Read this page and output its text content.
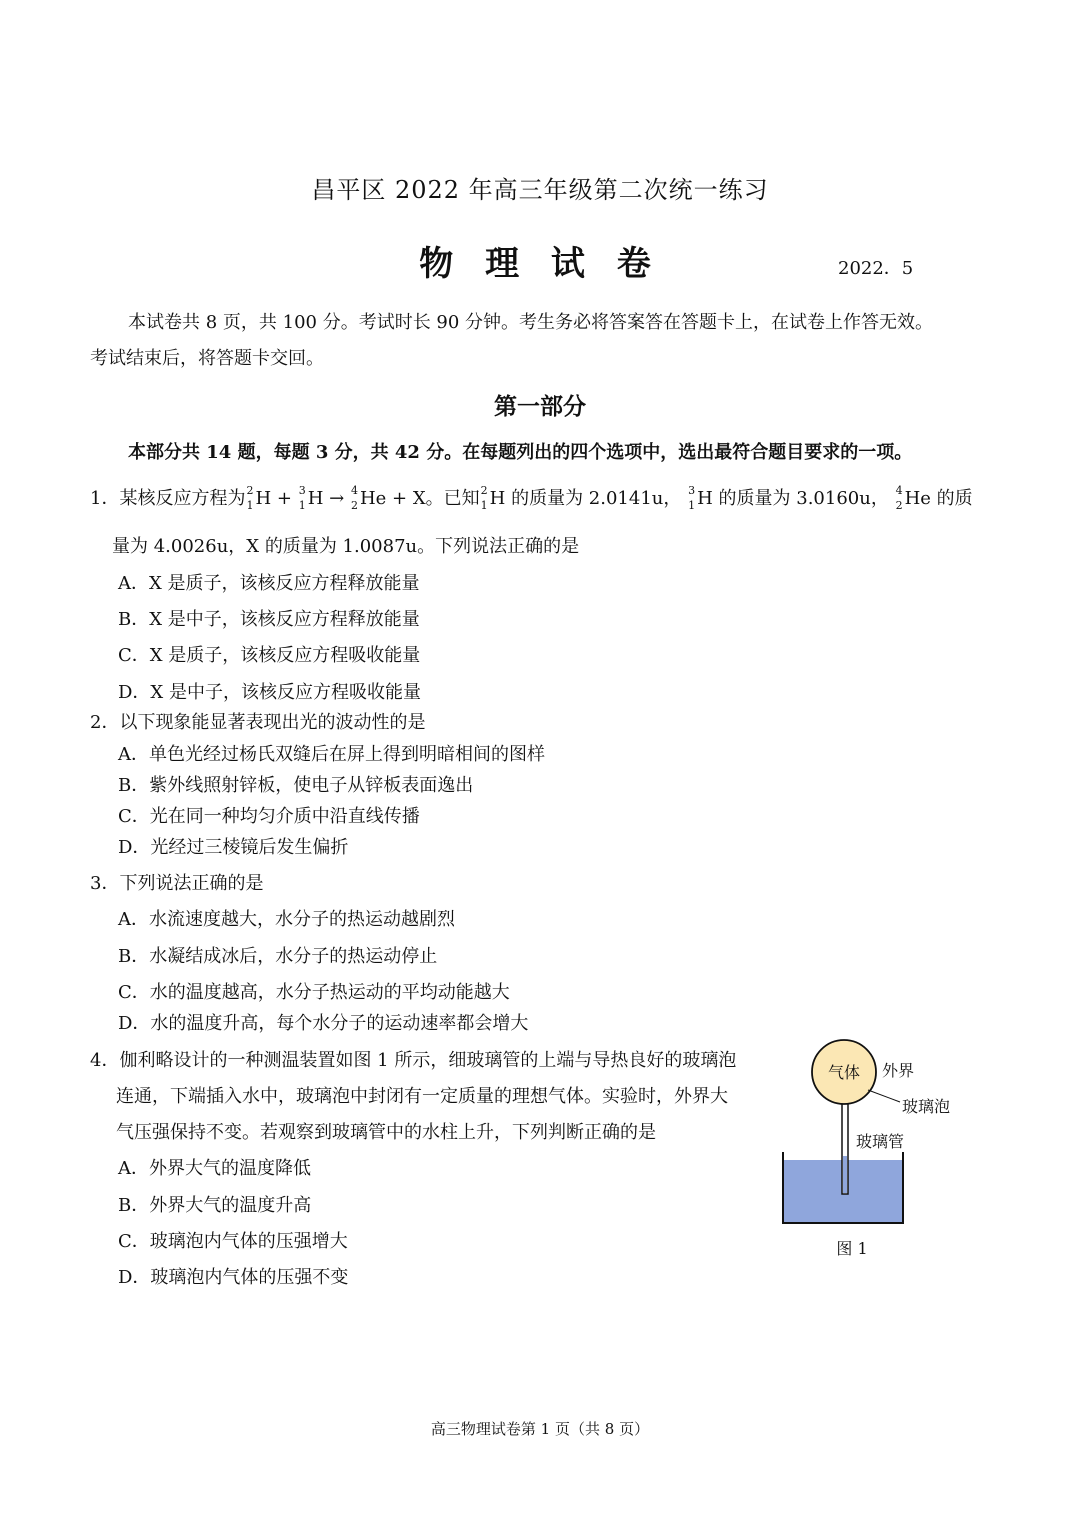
昌平区 2022 年高三年级第二次统一练习
物 理 试 卷	2022．5
本试卷共 8 页，共 100 分。考试时长 90 分钟。考生务必将答案答在答题卡上，在试卷上作答无效。
考试结束后，将答题卡交回。
第一部分
本部分共 14 题，每题 3 分，共 42 分。在每题列出的四个选项中，选出最符合题目要求的一项。
1．某核反应方程为 2
1 H + 3
1 H → 4
2 He + X。已知 2
1 H 的质量为 2.0141u， 3
1 H 的质量为 3.0160u， 4
2 He 的质
量为 4.0026u，X 的质量为 1.0087u。下列说法正确的是
A．X 是质子，该核反应方程释放能量
B．X 是中子，该核反应方程释放能量
C．X 是质子，该核反应方程吸收能量
D．X 是中子，该核反应方程吸收能量
2．以下现象能显著表现出光的波动性的是
A．单色光经过杨氏双缝后在屏上得到明暗相间的图样
B．紫外线照射锌板，使电子从锌板表面逸出
C．光在同一种均匀介质中沿直线传播
D．光经过三棱镜后发生偏折
3．下列说法正确的是
A．水流速度越大，水分子的热运动越剧烈
B．水凝结成冰后，水分子的热运动停止
C．水的温度越高，水分子热运动的平均动能越大
D．水的温度升高，每个水分子的运动速率都会增大
4．伽利略设计的一种测温装置如图 1 所示，细玻璃管的上端与导热良好的玻璃泡
连通，下端插入水中，玻璃泡中封闭有一定质量的理想气体。实验时，外界大
气压强保持不变。若观察到玻璃管中的水柱上升，下列判断正确的是
A．外界大气的温度降低
B．外界大气的温度升高
C．玻璃泡内气体的压强增大
D．玻璃泡内气体的压强不变
气体 外界
玻璃泡
玻璃管
图 1
高三物理试卷第 1 页（共 8 页）
